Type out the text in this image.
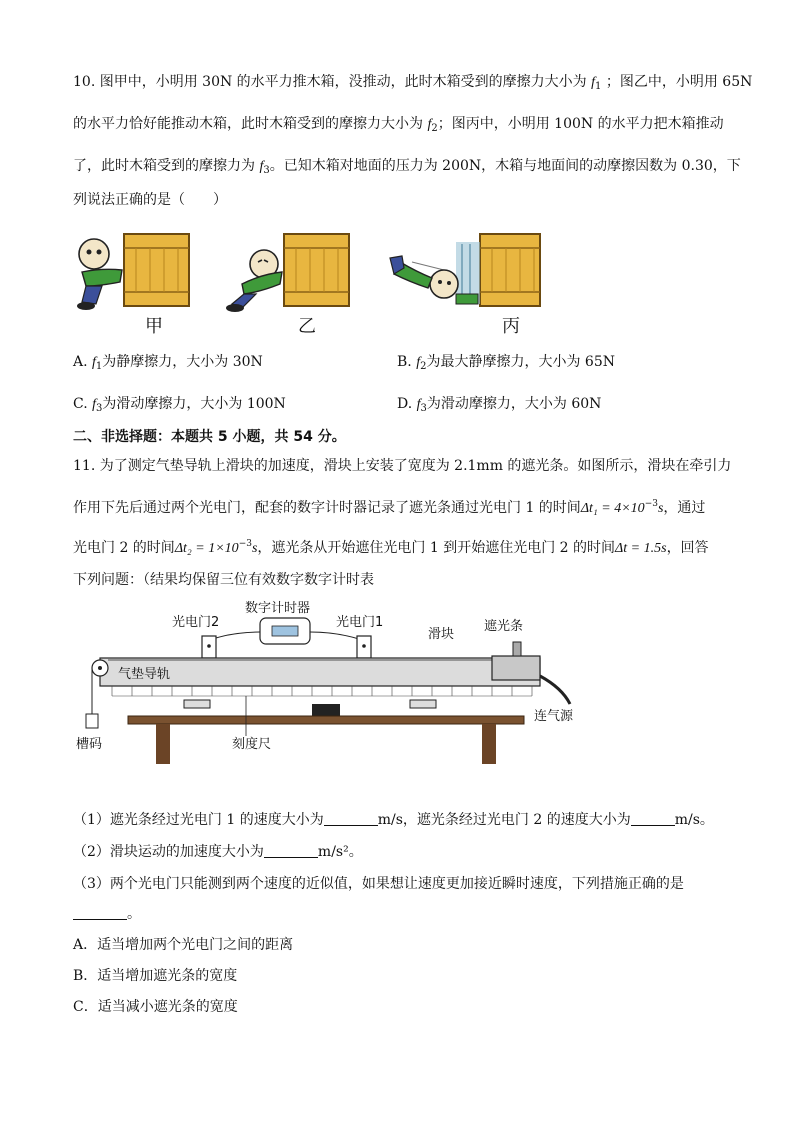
10. 图甲中，小明用 30N 的水平力推木箱，没推动，此时木箱受到的摩擦力大小为 $f_1$ ；图乙中，小明用 65N
的水平力恰好能推动木箱，此时木箱受到的摩擦力大小为 $f_2$；图丙中，小明用 100N 的水平力把木箱推动
了，此时木箱受到的摩擦力为 $f_3$。已知木箱对地面的压力为 200N，木箱与地面间的动摩擦因数为 0.30，下
列说法正确的是（　　）
甲	乙	丙
A. $f_1$为静摩擦力，大小为 30N	B. $f_2$为最大静摩擦力，大小为 65N
C. $f_3$为滑动摩擦力，大小为 100N	D. $f_3$为滑动摩擦力，大小为 60N
二、非选择题：本题共 5 小题，共 54 分。
11. 为了测定气垫导轨上滑块的加速度，滑块上安装了宽度为 2.1mm 的遮光条。如图所示，滑块在牵引力
作用下先后通过两个光电门，配套的数字计时器记录了遮光条通过光电门 1 的时间$\Delta t_1 = 4\times 10^{-3}s$，通过
光电门 2 的时间$\Delta t_2 = 1\times 10^{-3}s$，遮光条从开始遮住光电门 1 到开始遮住光电门 2 的时间Δt = 1.5s，回答
下列问题：（结果均保留三位有效数字数字计时表
数字计时器
光电门2	光电门1
滑块
遮光条
气垫导轨
连气源
槽码	刻度尺
（1）遮光条经过光电门 1 的速度大小为	m/s，遮光条经过光电门 2 的速度大小为	m/s。
（2）滑块运动的加速度大小为	m/s²。
（3）两个光电门只能测到两个速度的近似值，如果想让速度更加接近瞬时速度，下列措施正确的是
。
A．适当增加两个光电门之间的距离
B．适当增加遮光条的宽度
C．适当减小遮光条的宽度
